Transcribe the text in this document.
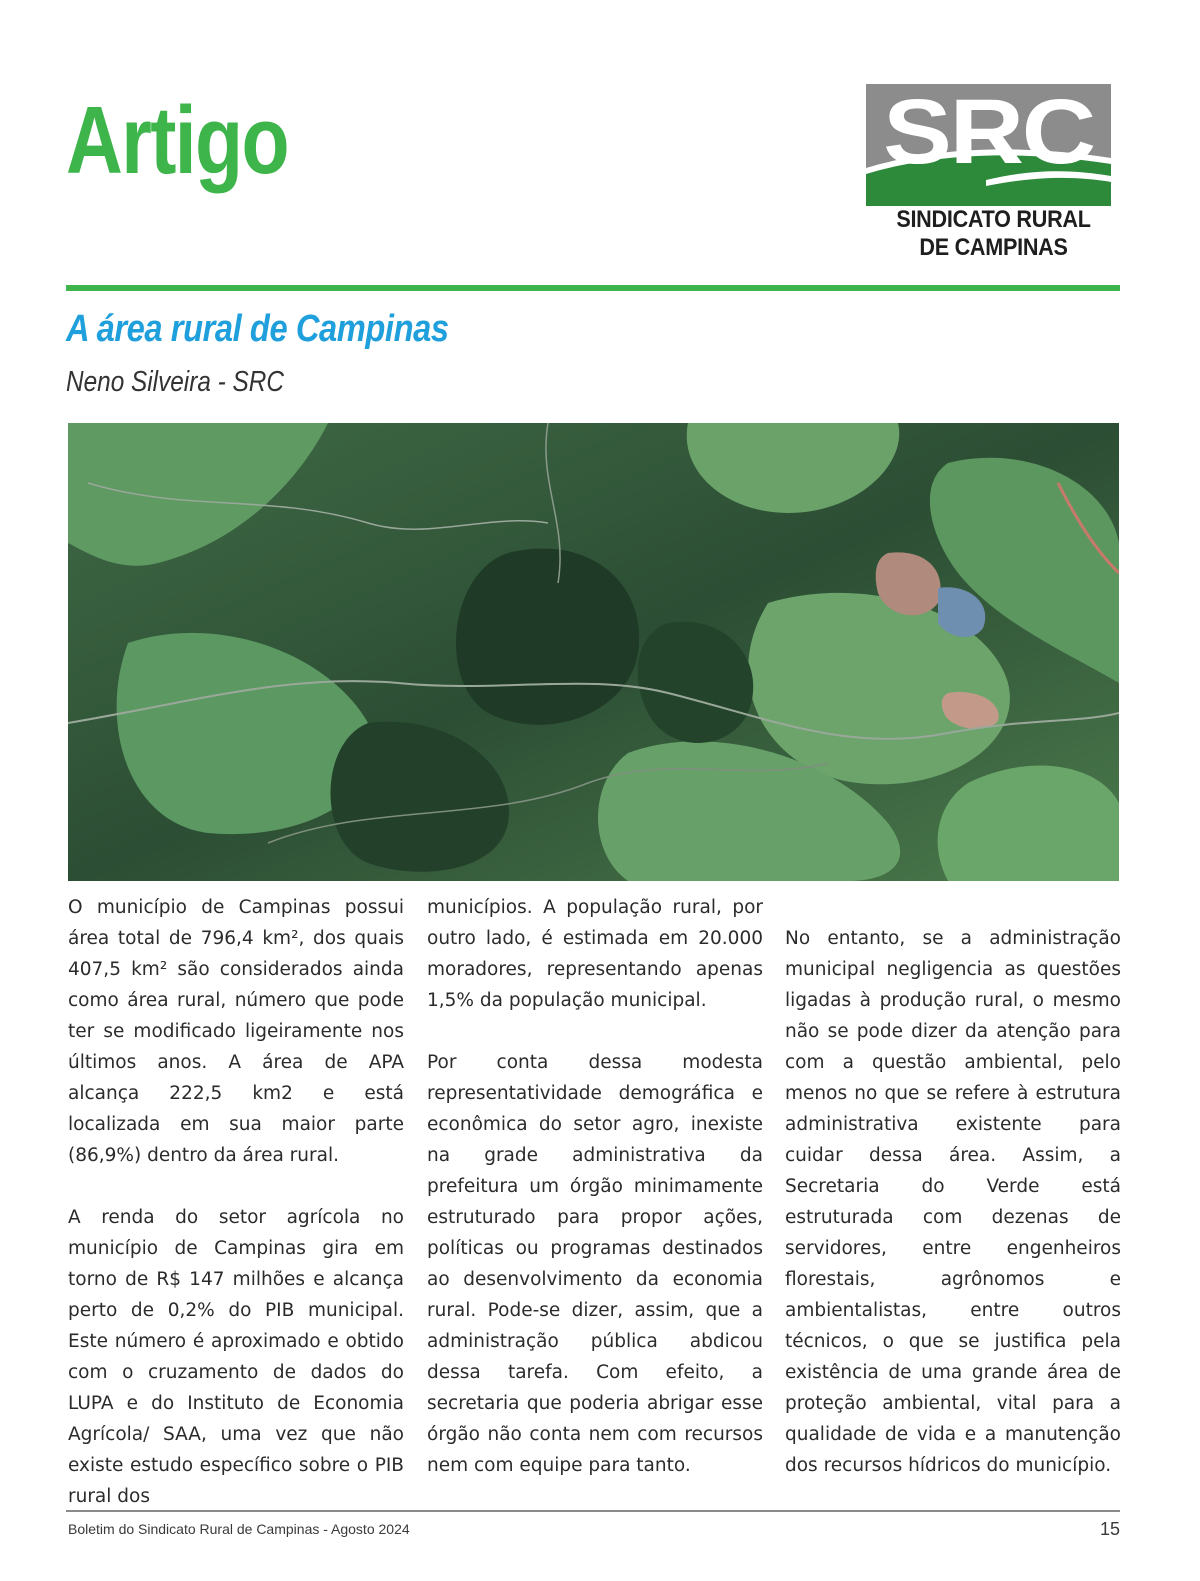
Artigo	SRC
SINDICATO RURAL
DE CAMPINAS
A área rural de Campinas
Neno Silveira - SRC

O município de Campinas possui área total de 796,4 km², dos quais 407,5 km² são considerados ainda como área rural, número que pode ter se modificado ligeiramente nos últimos anos. A área de APA alcança 222,5 km2 e está localizada em sua maior parte (86,9%) dentro da área rural.

A renda do setor agrícola no município de Campinas gira em torno de R$ 147 milhões e alcança perto de 0,2% do PIB municipal. Este número é aproximado e obtido com o cruzamento de dados do LUPA e do Instituto de Economia Agrícola/ SAA, uma vez que não existe estudo específico sobre o PIB rural dos

municípios. A população rural, por outro lado, é estimada em 20.000 moradores, representando apenas 1,5% da população municipal.

Por conta dessa modesta representatividade demográfica e econômica do setor agro, inexiste na grade administrativa da prefeitura um órgão minimamente estruturado para propor ações, políticas ou programas destinados ao desenvolvimento da economia rural. Pode-se dizer, assim, que a administração pública abdicou dessa tarefa. Com efeito, a secretaria que poderia abrigar esse órgão não conta nem com recursos nem com equipe para tanto.

No entanto, se a administração municipal negligencia as questões ligadas à produção rural, o mesmo não se pode dizer da atenção para com a questão ambiental, pelo menos no que se refere à estrutura administrativa existente para cuidar dessa área. Assim, a Secretaria do Verde está estruturada com dezenas de servidores, entre engenheiros florestais, agrônomos e ambientalistas, entre outros técnicos, o que se justifica pela existência de uma grande área de proteção ambiental, vital para a qualidade de vida e a manutenção dos recursos hídricos do município.

Boletim do Sindicato Rural de Campinas - Agosto 2024	15
